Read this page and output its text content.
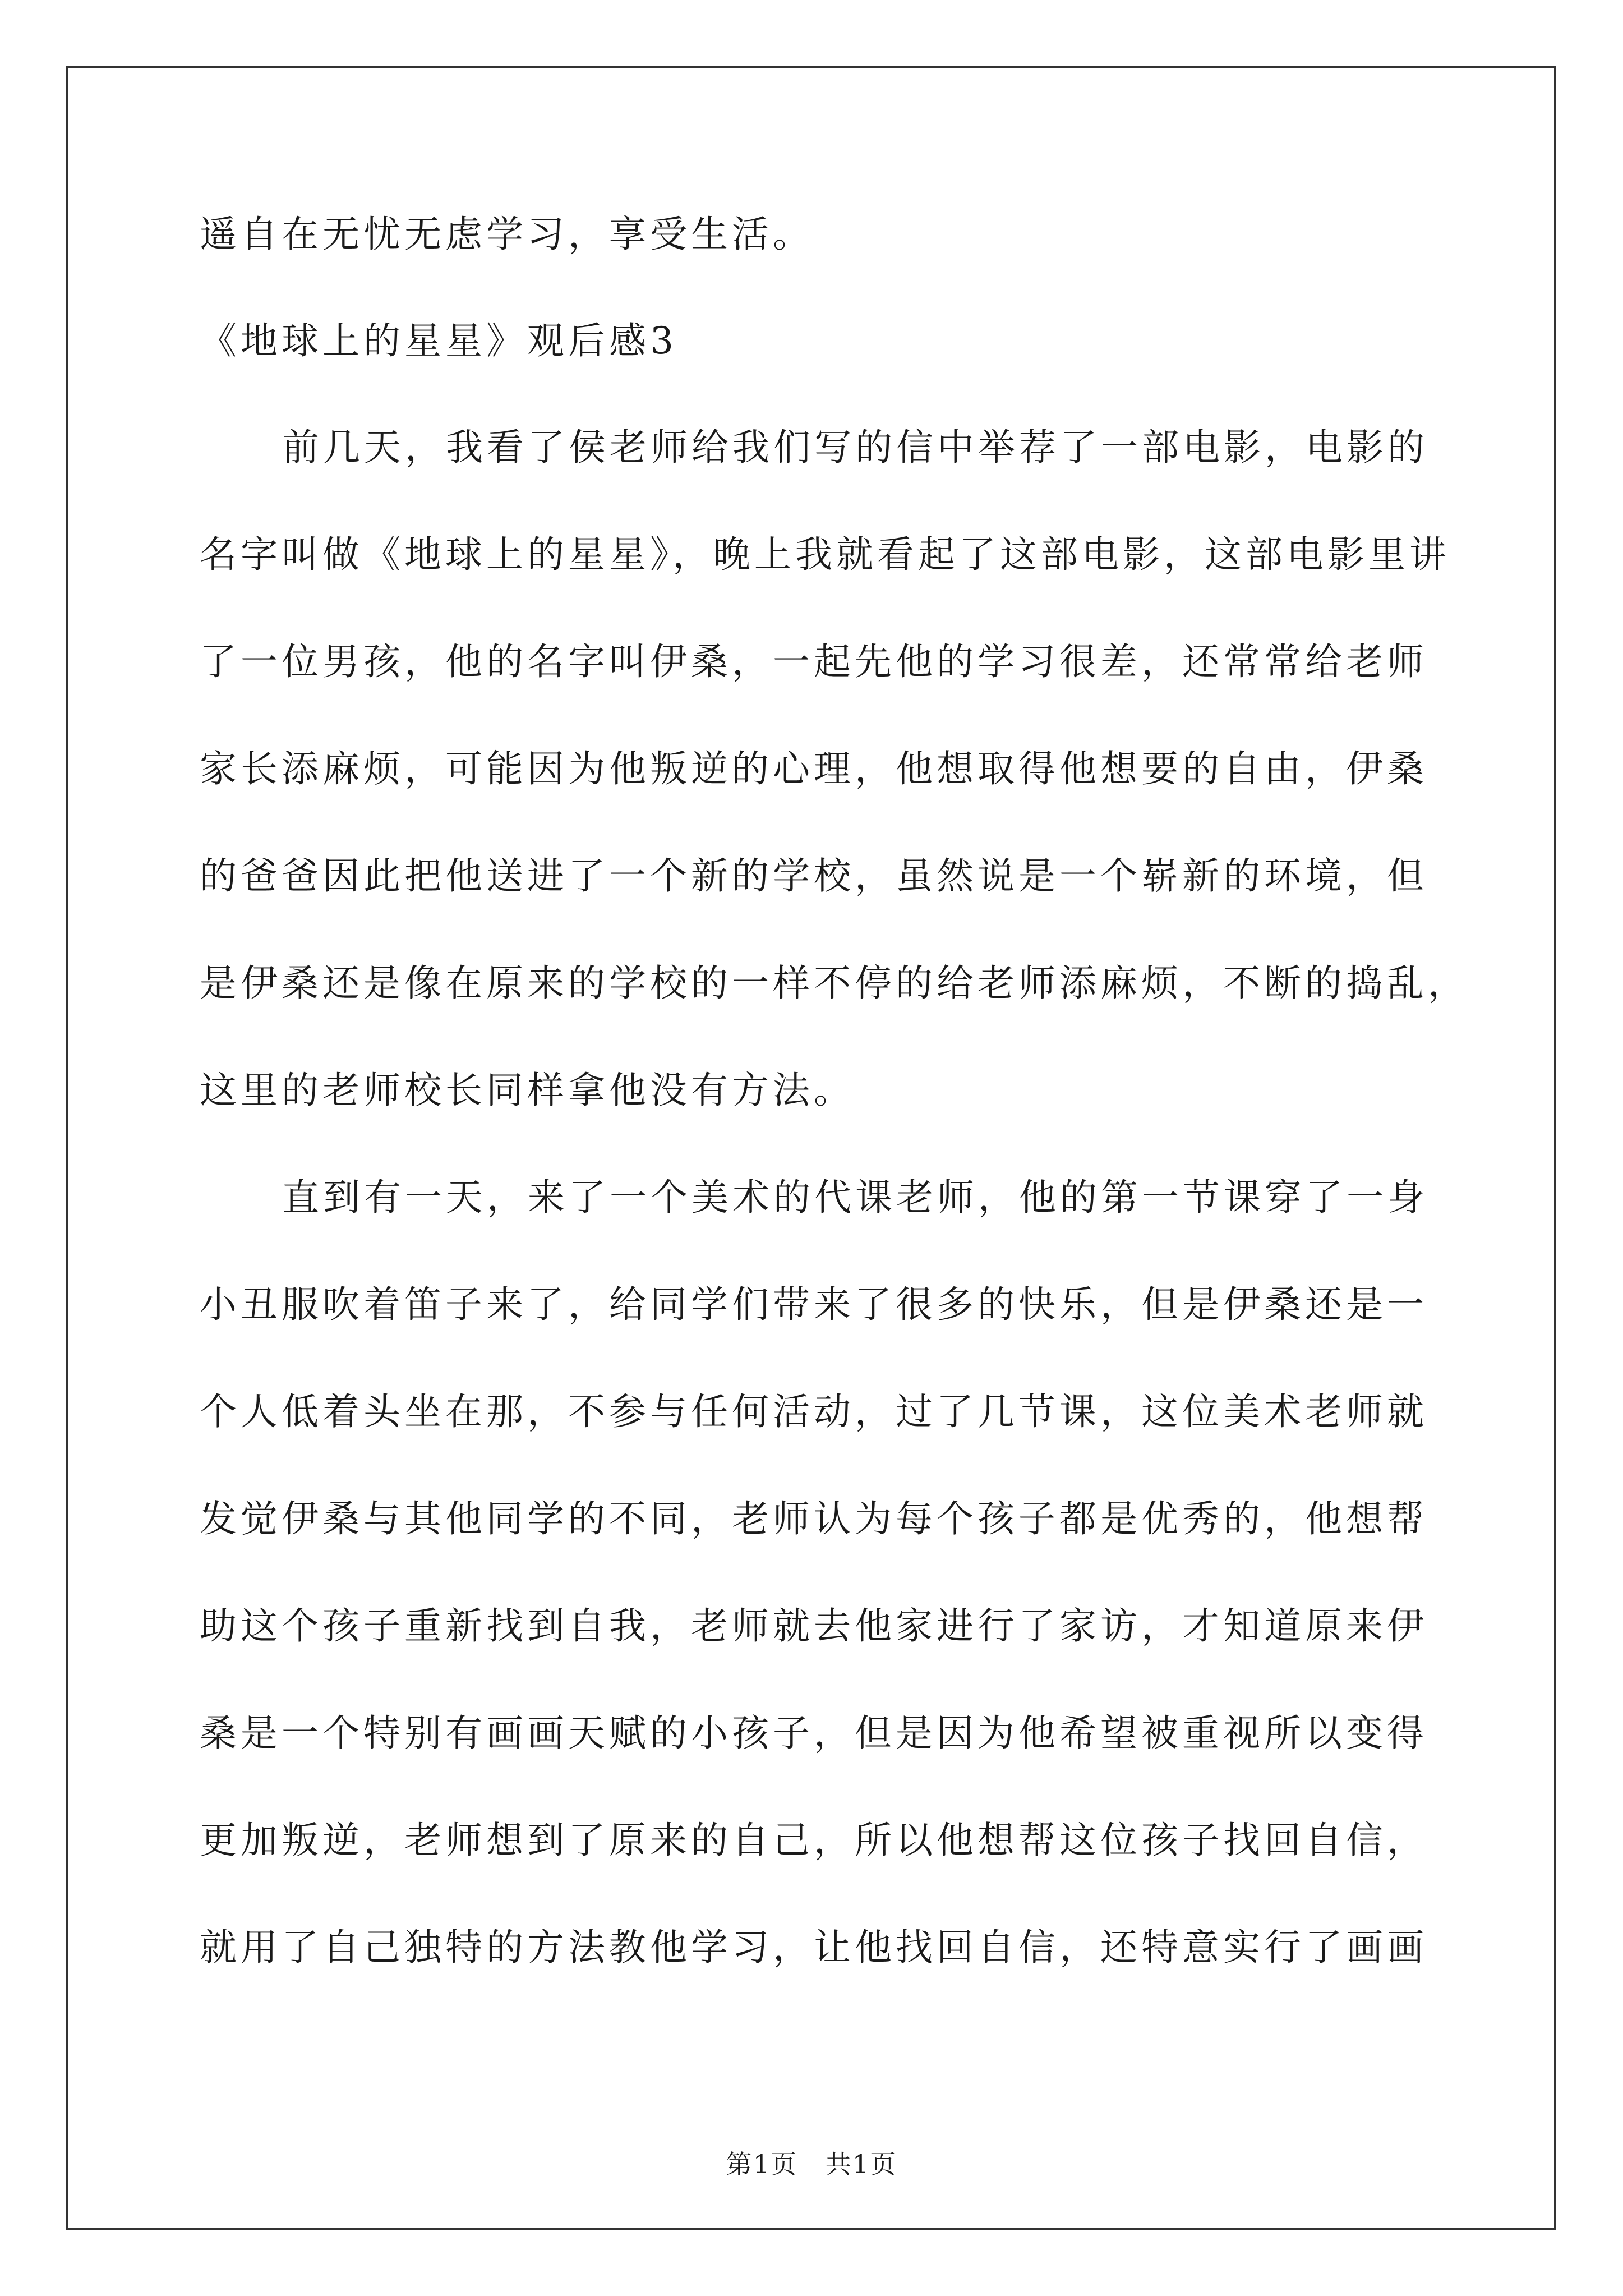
遥自在无忧无虑学习，享受生活。

《地球上的星星》观后感3

前几天，我看了侯老师给我们写的信中举荐了一部电影，电影的

名字叫做《地球上的星星》，晚上我就看起了这部电影，这部电影里讲

了一位男孩，他的名字叫伊桑，一起先他的学习很差，还常常给老师

家长添麻烦，可能因为他叛逆的心理，他想取得他想要的自由，伊桑

的爸爸因此把他送进了一个新的学校，虽然说是一个崭新的环境，但

是伊桑还是像在原来的学校的一样不停的给老师添麻烦，不断的捣乱，

这里的老师校长同样拿他没有方法。

直到有一天，来了一个美术的代课老师，他的第一节课穿了一身

小丑服吹着笛子来了，给同学们带来了很多的快乐，但是伊桑还是一

个人低着头坐在那，不参与任何活动，过了几节课，这位美术老师就

发觉伊桑与其他同学的不同，老师认为每个孩子都是优秀的，他想帮

助这个孩子重新找到自我，老师就去他家进行了家访，才知道原来伊

桑是一个特别有画画天赋的小孩子，但是因为他希望被重视所以变得

更加叛逆，老师想到了原来的自己，所以他想帮这位孩子找回自信，

就用了自己独特的方法教他学习，让他找回自信，还特意实行了画画

第1页   共1页
